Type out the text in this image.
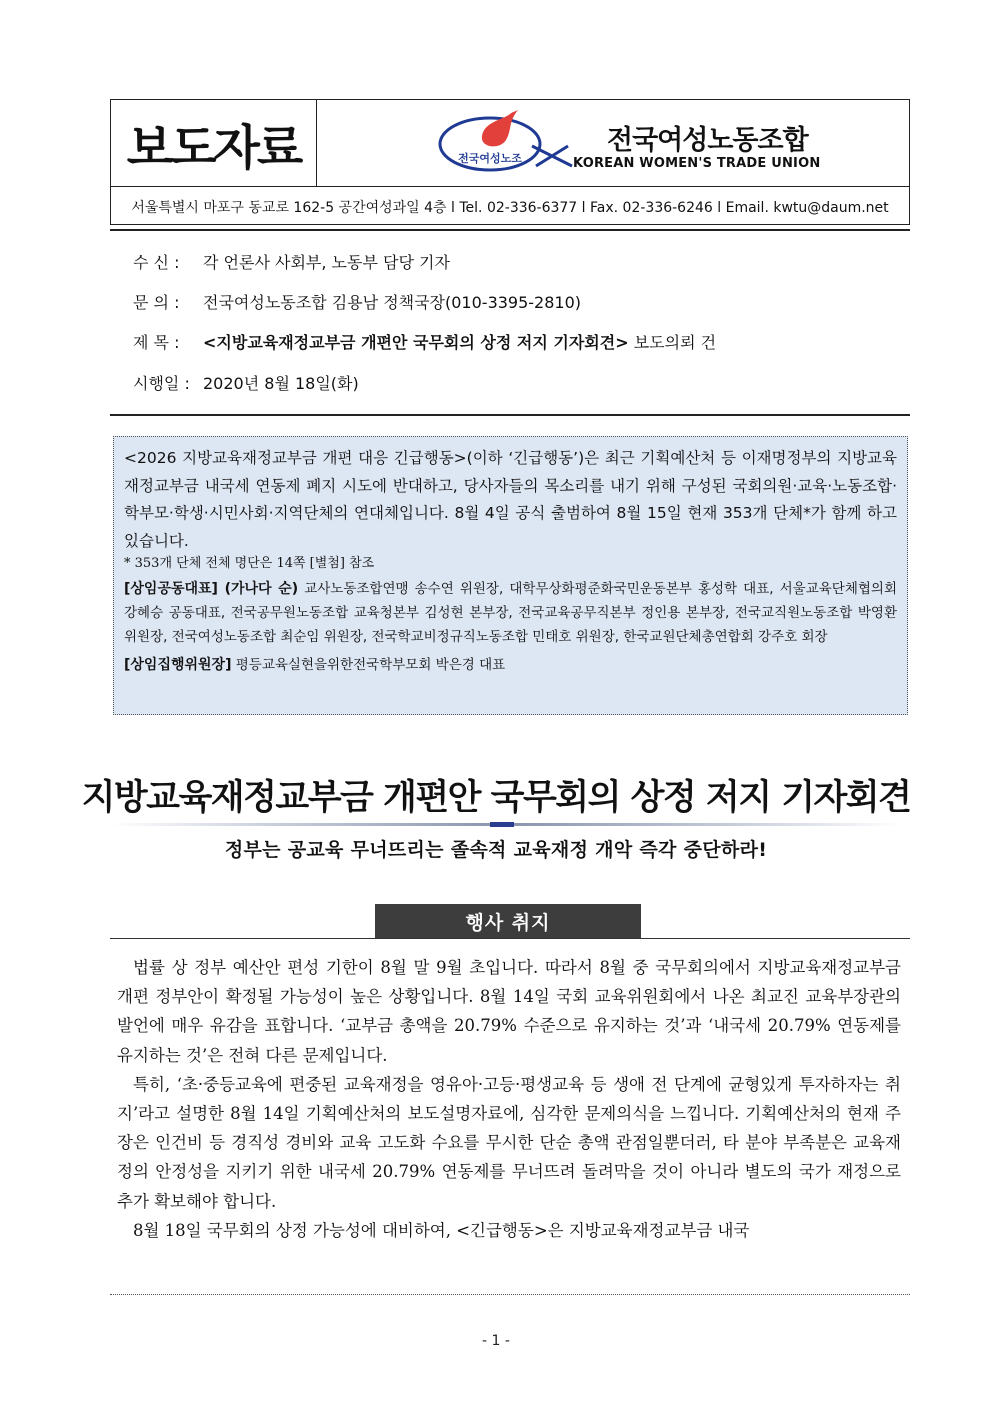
보도자료	전국여성노조
전국여성노동조합
KOREAN WOMEN'S TRADE UNION
서울특별시 마포구 동교로 162-5 공간여성과일 4층 l Tel. 02-336-6377 l Fax. 02-336-6246 l Email. kwtu@daum.net
수 신 : 각 언론사 사회부, 노동부 담당 기자
문 의 : 전국여성노동조합 김용남 정책국장(010-3395-2810)
제 목 : <지방교육재정교부금 개편안 국무회의 상정 저지 기자회견> 보도의뢰 건
시행일 : 2020년 8월 18일(화)

<2026 지방교육재정교부금 개편 대응 긴급행동>(이하 ‘긴급행동’)은 최근 기획예산처 등 이재명정부의 지방교육재정교부금 내국세 연동제 폐지 시도에 반대하고, 당사자들의 목소리를 내기 위해 구성된 국회의원·교육·노동조합·학부모·학생·시민사회·지역단체의 연대체입니다. 8월 4일 공식 출범하여 8월 15일 현재 353개 단체*가 함께 하고 있습니다.

* 353개 단체 전체 명단은 14쪽 [별첨] 참조

[상임공동대표] (가나다 순) 교사노동조합연맹 송수연 위원장, 대학무상화평준화국민운동본부 홍성학 대표, 서울교육단체협의회 강혜승 공동대표, 전국공무원노동조합 교육청본부 김성현 본부장, 전국교육공무직본부 정인용 본부장, 전국교직원노동조합 박영환 위원장, 전국여성노동조합 최순임 위원장, 전국학교비정규직노동조합 민태호 위원장, 한국교원단체총연합회 강주호 회장

[상임집행위원장] 평등교육실현을위한전국학부모회 박은경 대표

지방교육재정교부금 개편안 국무회의 상정 저지 기자회견
정부는 공교육 무너뜨리는 졸속적 교육재정 개악 즉각 중단하라!
행사 취지

법률 상 정부 예산안 편성 기한이 8월 말 9월 초입니다. 따라서 8월 중 국무회의에서 지방교육재정교부금 개편 정부안이 확정될 가능성이 높은 상황입니다. 8월 14일 국회 교육위원회에서 나온 최교진 교육부장관의 발언에 매우 유감을 표합니다. ‘교부금 총액을 20.79% 수준으로 유지하는 것’과 ‘내국세 20.79% 연동제를 유지하는 것’은 전혀 다른 문제입니다.

특히, ‘초·중등교육에 편중된 교육재정을 영유아·고등·평생교육 등 생애 전 단계에 균형있게 투자하자는 취지’라고 설명한 8월 14일 기획예산처의 보도설명자료에, 심각한 문제의식을 느낍니다. 기획예산처의 현재 주장은 인건비 등 경직성 경비와 교육 고도화 수요를 무시한 단순 총액 관점일뿐더러, 타 분야 부족분은 교육재정의 안정성을 지키기 위한 내국세 20.79% 연동제를 무너뜨려 돌려막을 것이 아니라 별도의 국가 재정으로 추가 확보해야 합니다.

8월 18일 국무회의 상정 가능성에 대비하여, <긴급행동>은 지방교육재정교부금 내국

- 1 -
